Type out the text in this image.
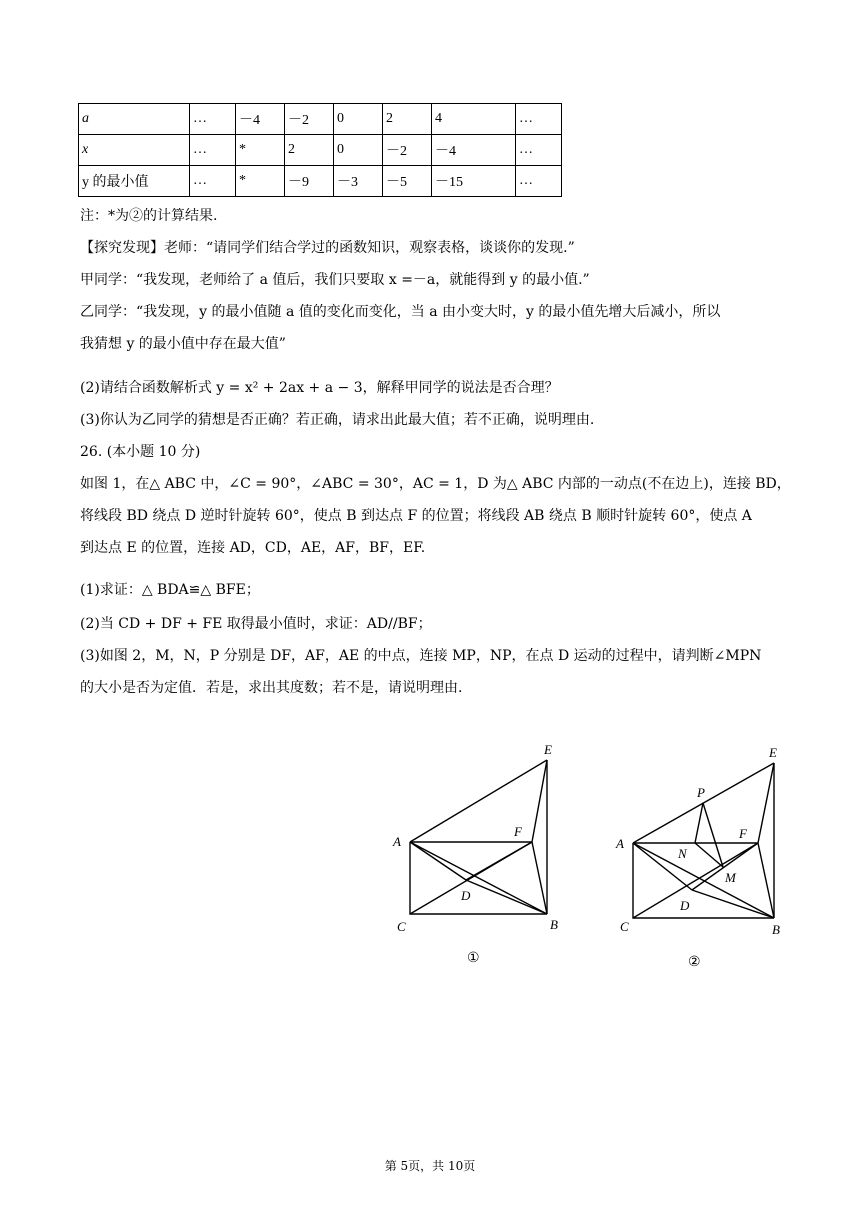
a	…	－4	－2	0	2	4	…
x	…	*	2	0	－2	－4	…
y 的最小值	…	*	－9	－3	－5	－15	…
注：*为②的计算结果.
【探究发现】老师：“请同学们结合学过的函数知识，观察表格，谈谈你的发现.”
甲同学：“我发现，老师给了 a 值后，我们只要取 x =－a，就能得到 y 的最小值.”
乙同学：“我发现，y 的最小值随 a 值的变化而变化，当 a 由小变大时，y 的最小值先增大后减小，所以
我猜想 y 的最小值中存在最大值”
(2)请结合函数解析式 y = x² + 2ax + a − 3，解释甲同学的说法是否合理？
(3)你认为乙同学的猜想是否正确？若正确，请求出此最大值；若不正确，说明理由.
26. (本小题 10 分)
如图 1，在△ ABC 中，∠C = 90°，∠ABC = 30°，AC = 1，D 为△ ABC 内部的一动点(不在边上)，连接 BD，
将线段 BD 绕点 D 逆时针旋转 60°，使点 B 到达点 F 的位置；将线段 AB 绕点 B 顺时针旋转 60°，使点 A
到达点 E 的位置，连接 AD，CD，AE，AF，BF，EF.
(1)求证：△ BDA≌△ BFE；
(2)当 CD + DF + FE 取得最小值时，求证：AD//BF；
(3)如图 2，M，N，P 分别是 DF，AF，AE 的中点，连接 MP，NP，在点 D 运动的过程中，请判断∠MPN
的大小是否为定值．若是，求出其度数；若不是，请说明理由.
E
A
F
D
C	B
①
E
P
A
F
N
M
D
C	B
②
第 5页，共 10页
